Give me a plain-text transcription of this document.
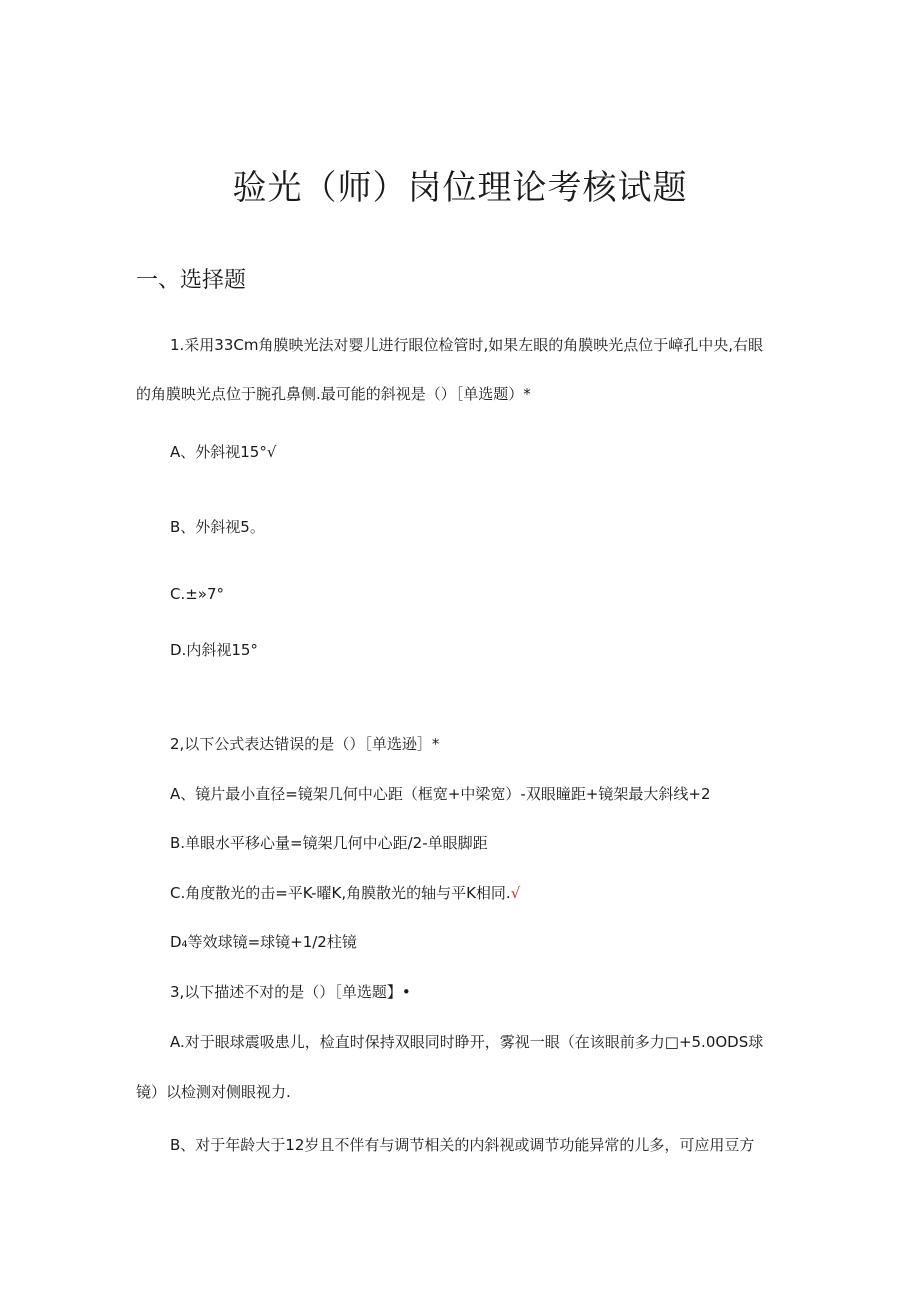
验光（师）岗位理论考核试题
一、选择题

1.采用33Cm角膜映光法对婴儿进行眼位检管时,如果左眼的角膜映光点位于嶂孔中央,右眼

的角膜映光点位于腕孔鼻侧.最可能的斜视是（）［单选题）*

A、外斜视15°√

B、外斜视5。

C.±»7°

D.内斜视15°

2,以下公式表达错误的是（）［单选逊］*

A、镜片最小直径=镜架几何中心距（框宽+中梁宽）-双眼瞳距+镜架最大斜线+2

B.单眼水平移心量=镜架几何中心距/2-单眼脚距

C.角度散光的击=平K-曜K,角膜散光的轴与平K相同.√

D₄等效球镜=球镜+1/2柱镜

3,以下描述不对的是（）［单选题】•

A.对于眼球震吸患儿，检直时保持双眼同时睁开，雾视一眼（在该眼前多力□+5.0ODS球

镜）以检测对侧眼视力.

B、对于年龄大于12岁且不伴有与调节相关的内斜视或调节功能异常的儿多，可应用豆方
